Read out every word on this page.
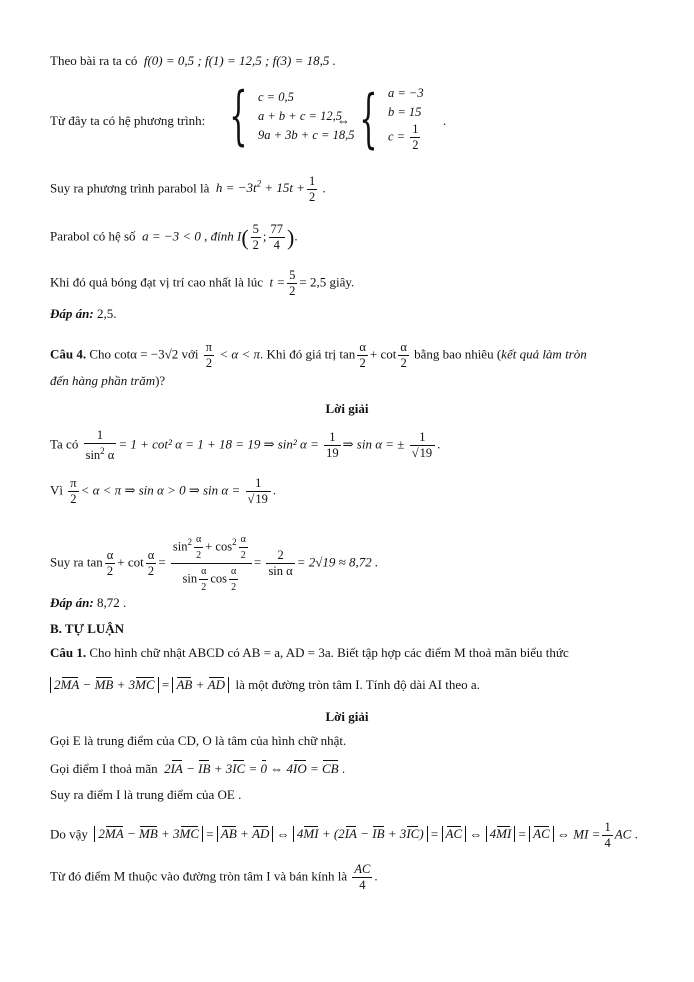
Theo bài ra ta có f(0) = 0,5 ; f(1) = 12,5 ; f(3) = 18,5 .
Từ đây ta có hệ phương trình: { c = 0,5
a + b + c = 12,5
9a + 3b + c = 18,5
⇔ { a = −3
b = 15
$c = \frac{1}{2}$
.
Suy ra phương trình parabol là $h = -3t^2 + 15t + \frac{1}{2}$ .
Parabol có hệ số a = −3 < 0 , đỉnh $I( \frac{5}{2}$ ; $\frac{77}{4}$ ).
Khi đó quả bóng đạt vị trí cao nhất là lúc $t = \frac{5}{2} = 2,5$ giây.
Đáp án: 2,5.
Câu 4. Cho cotα = −3√2 với $\frac{\pi}{2} < \alpha < \pi$. Khi đó giá trị $\tan \frac{\alpha}{2} + \cot \frac{\alpha}{2}$ bằng bao nhiêu (kết quả làm tròn
đến hàng phần trăm)?
Lời giải
Ta có $\frac{1}{\sin^2 \alpha} = 1 + \cot^2$ α = 1 + 18 = 19 ⇒ sin² $\alpha = \frac{1}{19}$ ⇒ sin α = ± $\frac{1}{√19}$ .
Vì $\frac{\pi}{2} < \alpha < \pi$ ⇒ sin α > 0 ⇒ $\sin \alpha = \frac{1}{√19}$ .
Suy ra $\tan \frac{\alpha}{2} + \cot \frac{\alpha}{2} = \frac{\sin^2 \frac{\alpha}{2} + \cos^2 \frac{\alpha}{2}}{\sin \frac{\alpha}{2} \cos \frac{\alpha}{2}} = \frac{2}{\text{sin α}} = 2√19 \approx 8,72$ .
Đáp án: 8,72 .
B. TỰ LUẬN
Câu 1. Cho hình chữ nhật ABCD có AB = a, AD = 3a. Biết tập hợp các điểm M thoả mãn biểu thức
2MA − MB + 3MC = AB + AD là một đường tròn tâm I. Tính độ dài AI theo a.
Lời giải
Gọi E là trung điểm của CD, O là tâm của hình chữ nhật.
Gọi điểm I thoả mãn 2IA − IB + 3IC = 0 ⇔ 4IO = CB .
Suy ra điểm I là trung điểm của OE .
Do vậy 2MA − MB + 3MC = AB + AD ⇔ 4MI + (2IA − IB + 3IC) = AC ⇔ 4MI = AC ⇔ MI = $\frac{1}{4}$ AC .
Từ đó điểm M thuộc vào đường tròn tâm I và bán kính là $\frac{AC}{4}$ .
